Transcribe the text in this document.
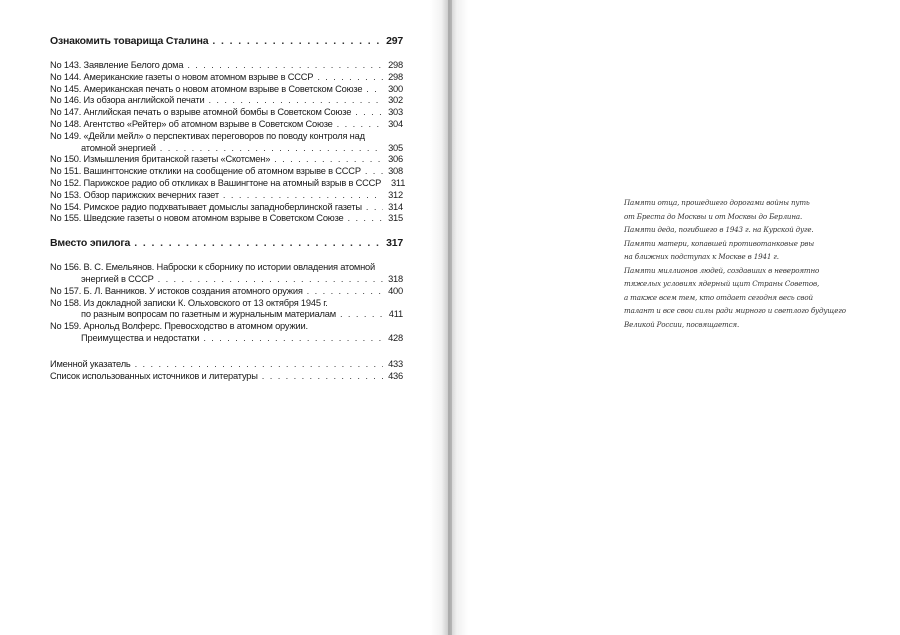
Ознакомить товарища Сталина . . .	297
No 143. Заявление Белого дома . . .	298
No 144. Американские газеты о новом атомном взрыве в СССР . . .	298
No 145. Американская печать о новом атомном взрыве в Советском Союзе . . .	300
No 146. Из обзора английской печати . . .	302
No 147. Английская печать о взрыве атомной бомбы в Советском Союзе . . .	303
No 148. Агентство «Рейтер» об атомном взрыве в Советском Союзе . . .	304
No 149. «Дейли мейл» о перспективах переговоров по поводу контроля над
атомной энергией . . .	305
No 150. Измышления британской газеты «Скотсмен» . . .	306
No 151. Вашингтонские отклики на сообщение об атомном взрыве в СССР . . .	308
No 152. Парижское радио об откликах в Вашингтоне на атомный взрыв в СССР 311
No 153. Обзор парижских вечерних газет . . .	312
No 154. Римское радио подхватывает домыслы западноберлинской газеты . . .	314
No 155. Шведские газеты о новом атомном взрыве в Советском Союзе . . .	315
Вместо эпилога . . .	317
No 156. В. С. Емельянов. Наброски к сборнику по истории овладения атомной
энергией в СССР . . .	318
No 157. Б. Л. Ванников. У истоков создания атомного оружия . . .	400
No 158. Из докладной записки К. Ольховского от 13 октября 1945 г.
по разным вопросам по газетным и журнальным материалам . . .	411
No 159. Арнольд Волферс. Превосходство в атомном оружии.
Преимущества и недостатки . . .	428
Именной указатель . . .	433
Список использованных источников и литературы . . .	436
Памяти отца, прошедшего дорогами войны путь
от Бреста до Москвы и от Москвы до Берлина.
Памяти деда, погибшего в 1943 г. на Курской дуге.
Памяти матери, копавшей противотанковые рвы
на ближних подступах к Москве в 1941 г.
Памяти миллионов людей, создавших в невероятно
тяжелых условиях ядерный щит Страны Советов,
а также всем тем, кто отдает сегодня весь свой
талант и все свои силы ради мирного и светлого будущего
Великой России, посвящается.
